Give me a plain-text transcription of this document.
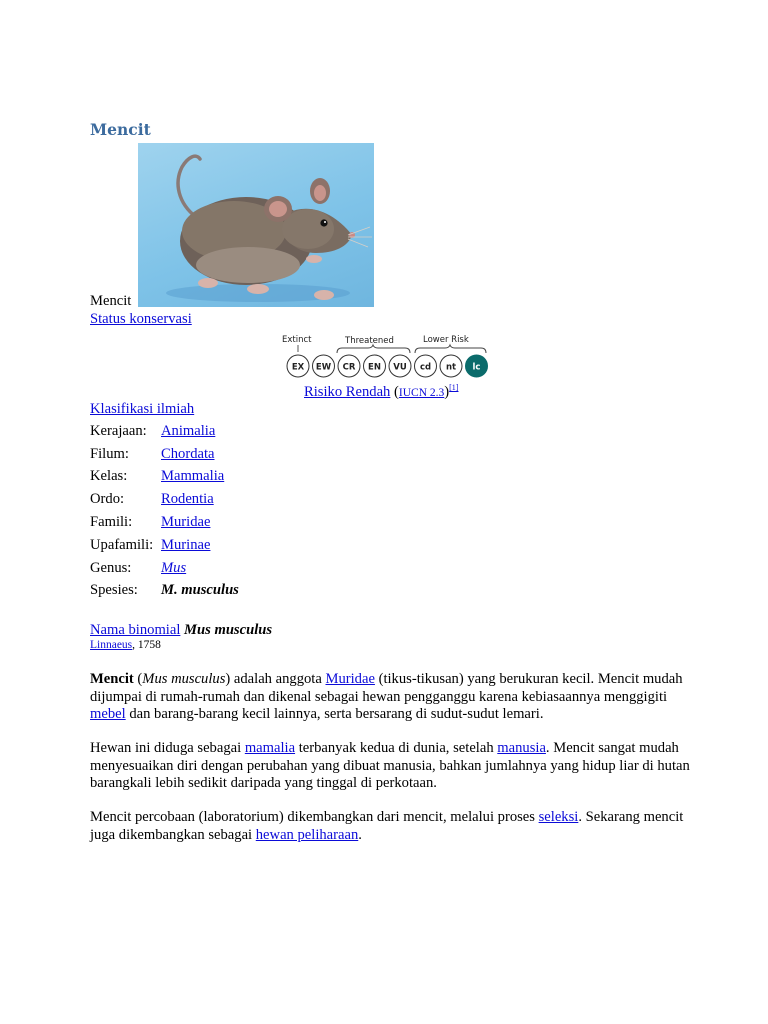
Mencit
Mencit
Status konservasi
Extinct	Threatened	Lower Risk
EX EW CR EN VU cd nt lc
Risiko Rendah (IUCN 2.3)[1]
Klasifikasi ilmiah
Kerajaan:	Animalia
Filum:	Chordata
Kelas:	Mammalia
Ordo:	Rodentia
Famili:	Muridae
Upafamili:	Murinae
Genus:	Mus
Spesies:	M. musculus
Nama binomial Mus musculus
Linnaeus, 1758

Mencit (Mus musculus) adalah anggota Muridae (tikus-tikusan) yang berukuran kecil. Mencit mudah dijumpai di rumah-rumah dan dikenal sebagai hewan pengganggu karena kebiasaannya menggigiti mebel dan barang-barang kecil lainnya, serta bersarang di sudut-sudut lemari.

Hewan ini diduga sebagai mamalia terbanyak kedua di dunia, setelah manusia. Mencit sangat mudah menyesuaikan diri dengan perubahan yang dibuat manusia, bahkan jumlahnya yang hidup liar di hutan barangkali lebih sedikit daripada yang tinggal di perkotaan.

Mencit percobaan (laboratorium) dikembangkan dari mencit, melalui proses seleksi. Sekarang mencit juga dikembangkan sebagai hewan peliharaan.
